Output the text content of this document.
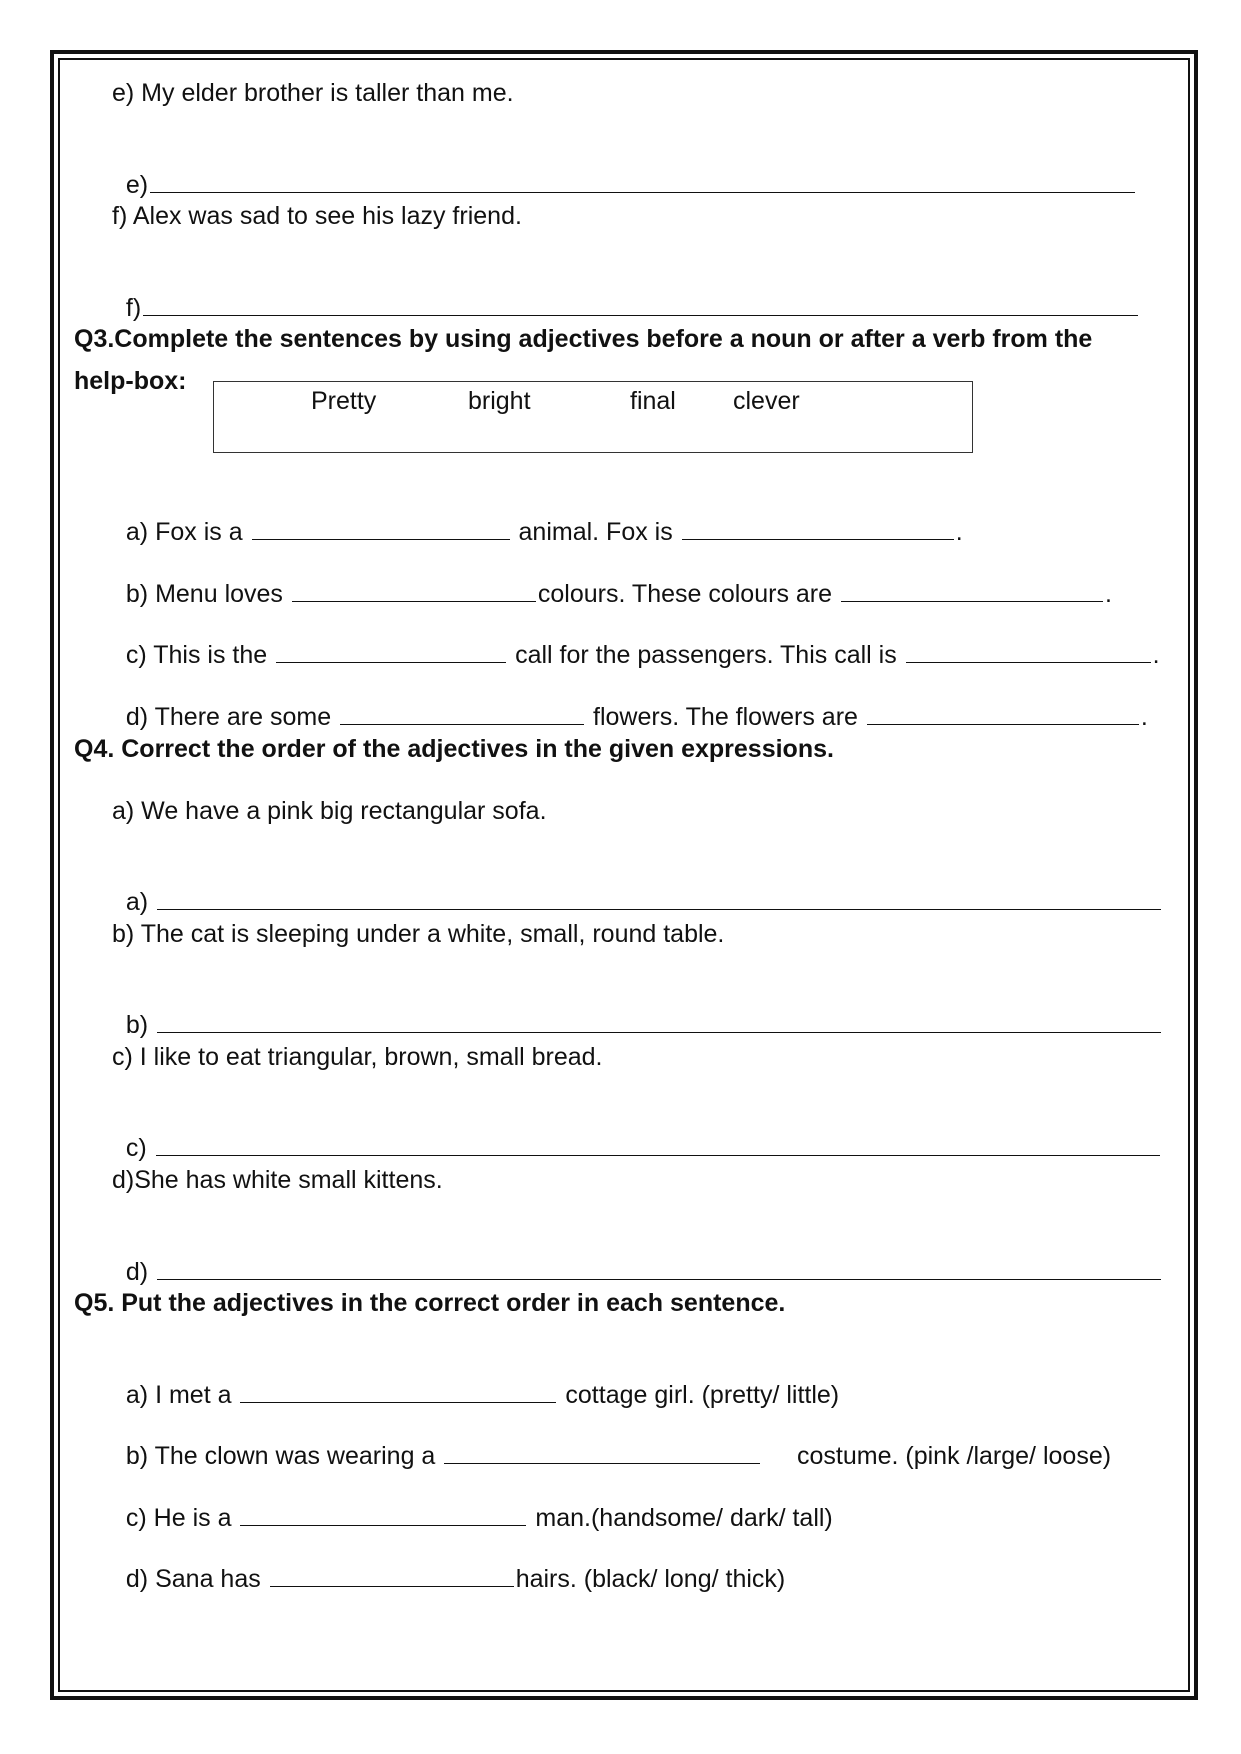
e) My elder brother is taller than me.

e)

f) Alex was sad to see his lazy friend.

f)

Q3.Complete the sentences by using adjectives before a noun or after a verb from the
help-box:
Pretty	bright	final clever

a) Fox is a	animal. Fox is	.

b) Menu loves	colours. These colours are	.

c) This is the	call for the passengers. This call is	.

d) There are some	flowers. The flowers are	.

Q4. Correct the order of the adjectives in the given expressions.
a) We have a pink big rectangular sofa.

a)

b) The cat is sleeping under a white, small, round table.

b)

c) I like to eat triangular, brown, small bread.

c)

d)She has white small kittens.

d)

Q5. Put the adjectives in the correct order in each sentence.

a) I met a	cottage girl. (pretty/ little)

b) The clown was wearing a	costume. (pink /large/ loose)

c) He is a	man.(handsome/ dark/ tall)

d) Sana has	hairs. (black/ long/ thick)
